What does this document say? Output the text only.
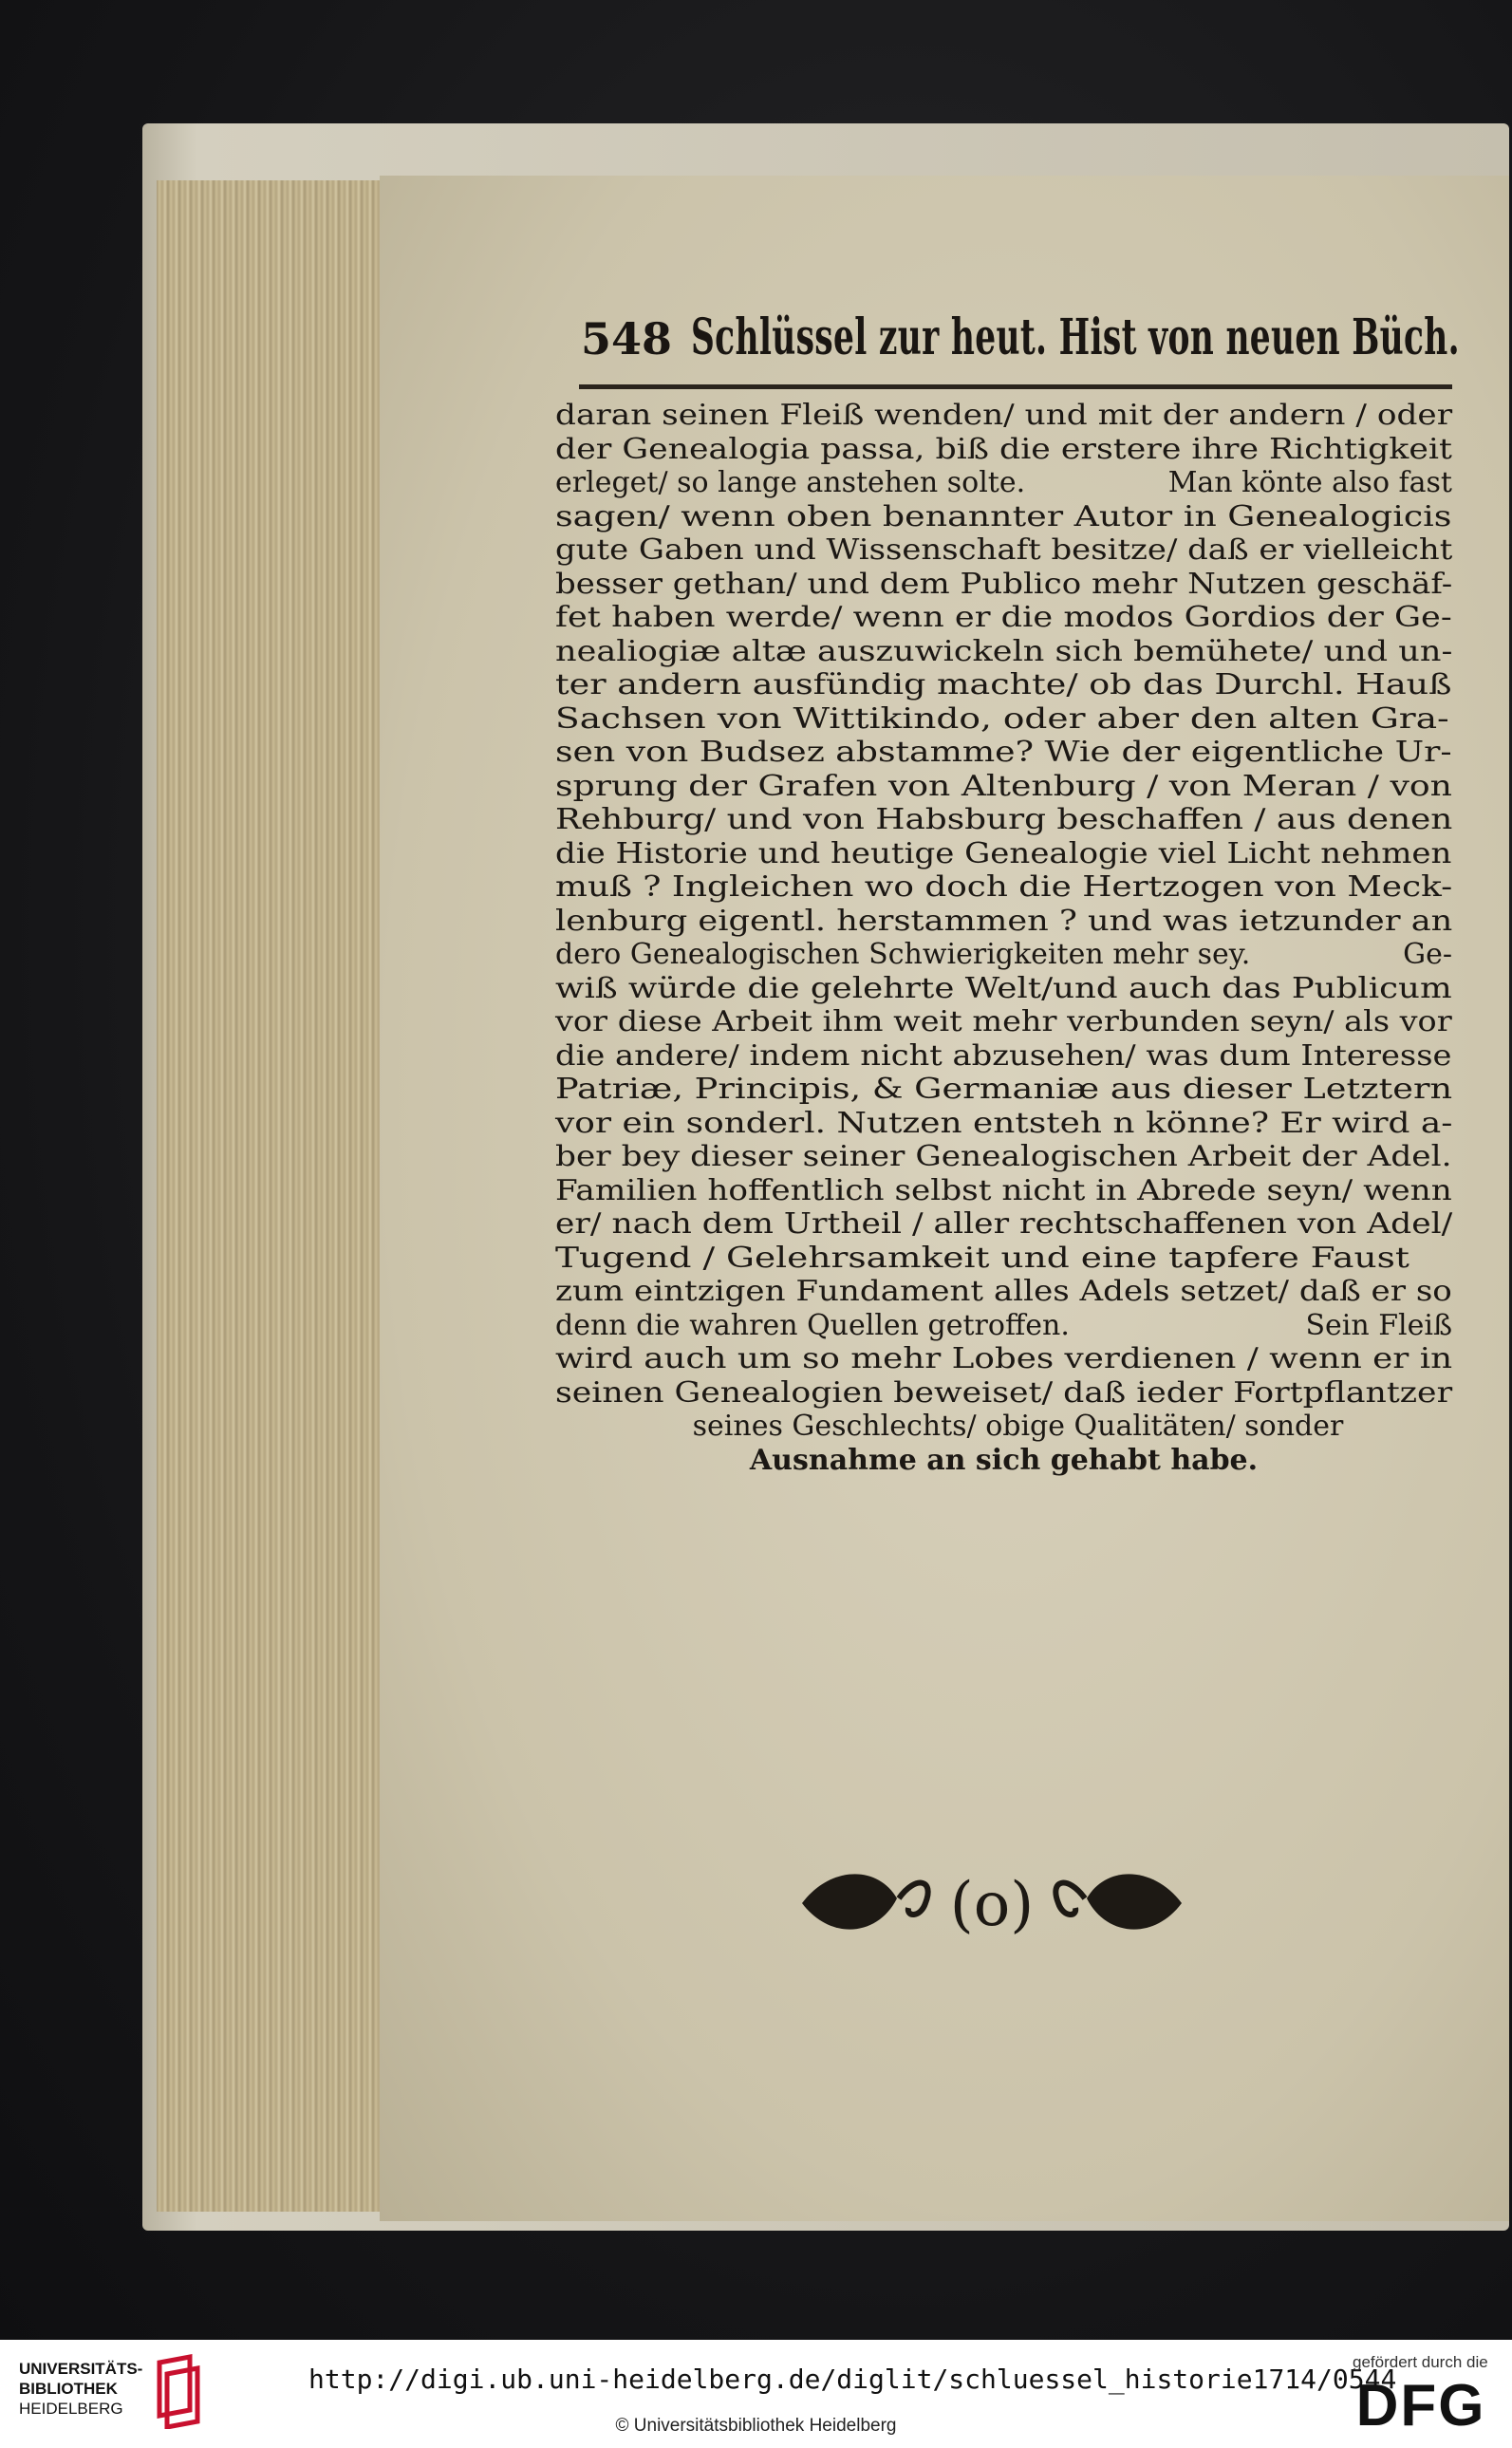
548 Schlüssel zur heut. Hist von neuen Büch.
daran seinen Fleiß wenden/ und mit der andern / oder
der Genealogia passa, biß die erstere ihre Richtigkeit
erleget/ so lange anstehen solte.	Man könte also fast
sagen/ wenn oben benannter Autor in Genealogicis
gute Gaben und Wissenschaft besitze/ daß er vielleicht
besser gethan/ und dem Publico mehr Nutzen geschäf-
fet haben werde/ wenn er die modos Gordios der Ge-
nealiogiæ altæ auszuwickeln sich bemühete/ und un-
ter andern ausfündig machte/ ob das Durchl. Hauß
Sachsen von Wittikindo, oder aber den alten Gra-
sen von Budsez abstamme? Wie der eigentliche Ur-
sprung der Grafen von Altenburg / von Meran / von
Rehburg/ und von Habsburg beschaffen / aus denen
die Historie und heutige Genealogie viel Licht nehmen
muß ? Ingleichen wo doch die Hertzogen von Meck-
lenburg eigentl. herstammen ? und was ietzunder an
dero Genealogischen Schwierigkeiten mehr sey.	Ge-
wiß würde die gelehrte Welt/und auch das Publicum
vor diese Arbeit ihm weit mehr verbunden seyn/ als vor
die andere/ indem nicht abzusehen/ was dum Interesse
Patriæ, Principis, & Germaniæ aus dieser Letztern
vor ein sonderl. Nutzen entsteh n könne? Er wird a-
ber bey dieser seiner Genealogischen Arbeit der Adel.
Familien hoffentlich selbst nicht in Abrede seyn/ wenn
er/ nach dem Urtheil / aller rechtschaffenen von Adel/
Tugend / Gelehrsamkeit und eine tapfere Faust
zum eintzigen Fundament alles Adels setzet/ daß er so
denn die wahren Quellen getroffen.	Sein Fleiß
wird auch um so mehr Lobes verdienen / wenn er in
seinen Genealogien beweiset/ daß ieder Fortpflantzer
seines Geschlechts/ obige Qualitäten/ sonder
Ausnahme an sich gehabt habe.
(o)
UNIVERSITÄTS-
BIBLIOTHEK
HEIDELBERG
http://digi.ub.uni-heidelberg.de/diglit/schluessel_historie1714/0544
© Universitätsbibliothek Heidelberg
gefördert durch die
DFG
